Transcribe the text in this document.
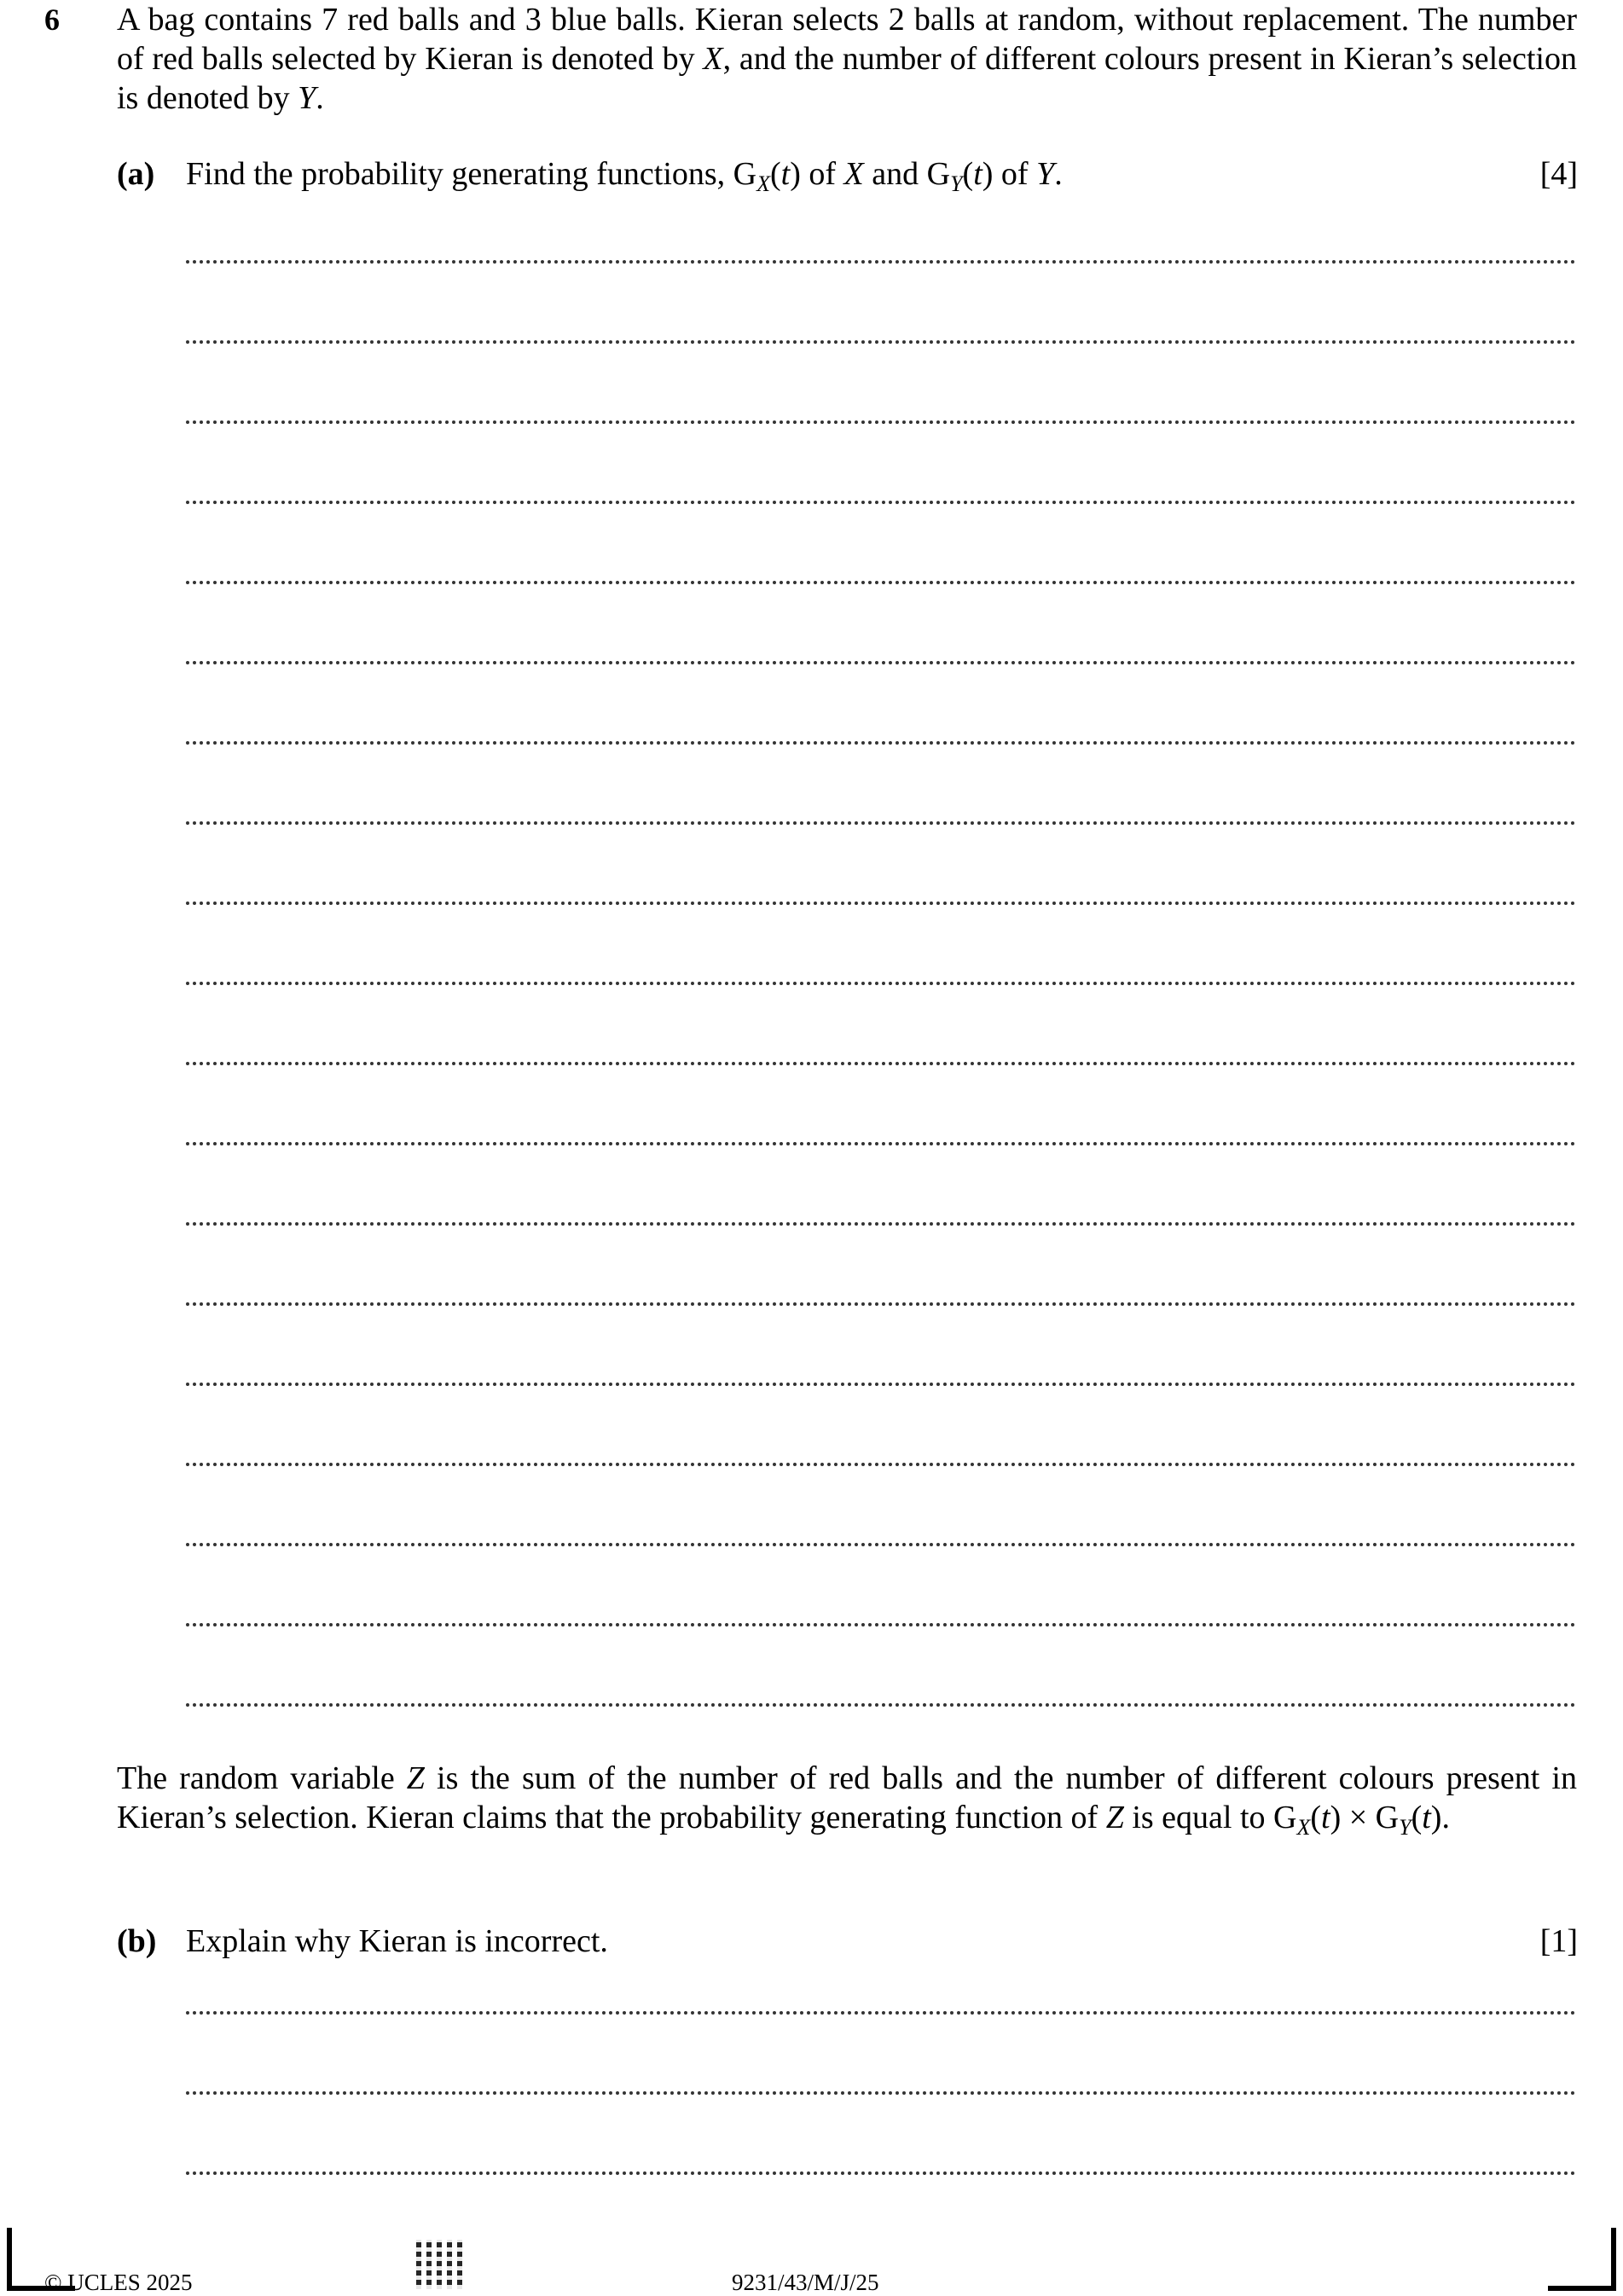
6 A bag contains 7 red balls and 3 blue balls. Kieran selects 2 balls at random, without replacement. The number of red balls selected by Kieran is denoted by X, and the number of different colours present in Kieran’s selection is denoted by Y.

(a) Find the probability generating functions, $G_X(t)$ of X and $G_Y(t)$ of Y.	[4]

The random variable Z is the sum of the number of red balls and the number of different colours present in Kieran’s selection. Kieran claims that the probability generating function of Z is equal to $G_X(t) \times G_Y(t)$.

(b) Explain why Kieran is incorrect.	[1]
© UCLES 2025	9231/43/M/J/25
